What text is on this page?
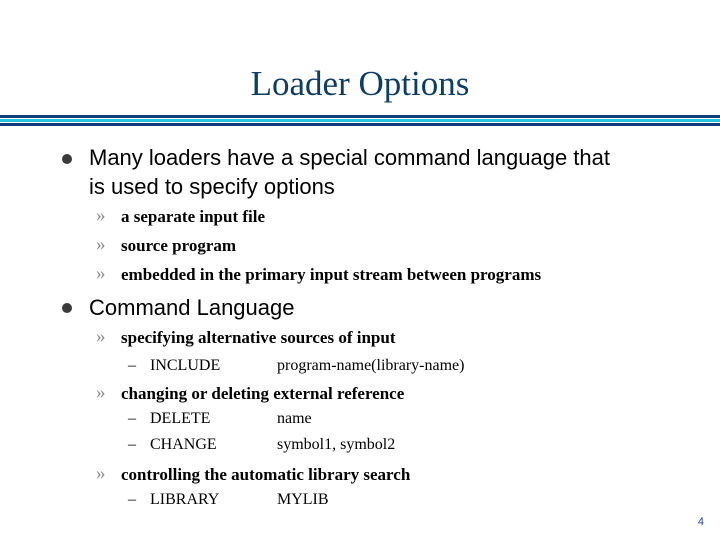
Loader Options
Many loaders have a special command language that
is used to specify options
» a separate input file
» source program
» embedded in the primary input stream between programs
Command Language
» specifying alternative sources of input
– INCLUDE	program-name(library-name)
» changing or deleting external reference
– DELETE	name
– CHANGE	symbol1, symbol2
» controlling the automatic library search
– LIBRARY	MYLIB
4
